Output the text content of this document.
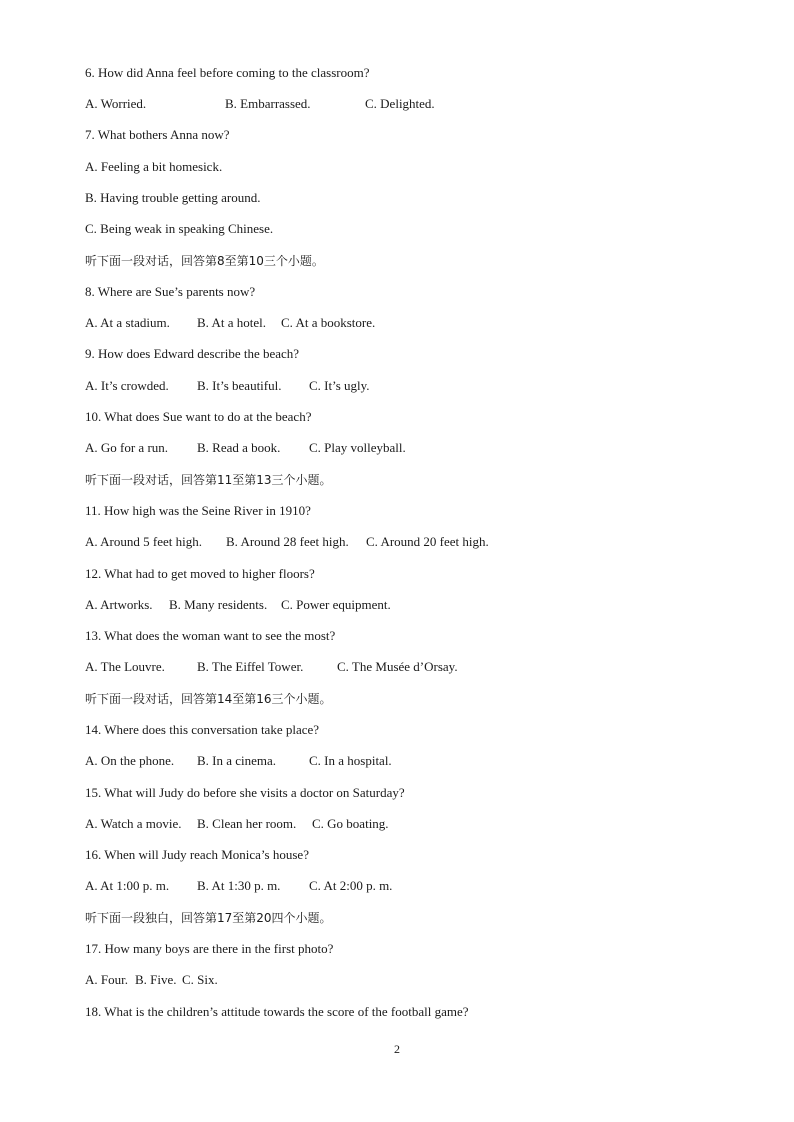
6. How did Anna feel before coming to the classroom?
A. Worried.	B. Embarrassed.	C. Delighted.
7. What bothers Anna now?
A. Feeling a bit homesick.
B. Having trouble getting around.
C. Being weak in speaking Chinese.
听下面一段对话，回答第8至第10三个小题。
8. Where are Sue’s parents now?
A. At a stadium. B. At a hotel. C. At a bookstore.
9. How does Edward describe the beach?
A. It’s crowded. B. It’s beautiful. C. It’s ugly.
10. What does Sue want to do at the beach?
A. Go for a run. B. Read a book. C. Play volleyball.
听下面一段对话，回答第11至第13三个小题。
11. How high was the Seine River in 1910?
A. Around 5 feet high. B. Around 28 feet high. C. Around 20 feet high.
12. What had to get moved to higher floors?
A. Artworks. B. Many residents. C. Power equipment.
13. What does the woman want to see the most?
A. The Louvre. B. The Eiffel Tower.	C. The Musée d’Orsay.
听下面一段对话，回答第14至第16三个小题。
14. Where does this conversation take place?
A. On the phone. B. In a cinema.	C. In a hospital.
15. What will Judy do before she visits a doctor on Saturday?
A. Watch a movie. B. Clean her room. C. Go boating.
16. When will Judy reach Monica’s house?
A. At 1:00 p. m. B. At 1:30 p. m. C. At 2:00 p. m.
听下面一段独白，回答第17至第20四个小题。
17. How many boys are there in the first photo?
A. Four. B. Five. C. Six.
18. What is the children’s attitude towards the score of the football game?
2
